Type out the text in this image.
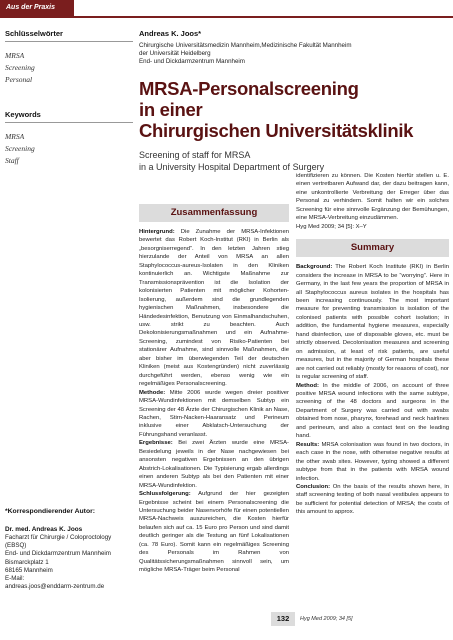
Aus der Praxis
Schlüsselwörter
MRSA
Screening
Personal
Keywords
MRSA
Screening
Staff
*Korrespondierender Autor:
Dr. med. Andreas K. Joos
Facharzt für Chirurgie / Coloproctology
(EBSQ)
End- und Dickdarmzentrum Mannheim
Bismarckplatz 1
68165 Mannheim
E-Mail:
andreas.joos@enddarm-zentrum.de
Andreas K. Joos*
Chirurgische Universitätsmedizin Mannheim,Medizinische Fakultät Mannheim
der Universität Heidelberg
End- und Dickdarmzentrum Mannheim
MRSA-Personalscreening
in einer
Chirurgischen Universitätsklinik
Screening of staff for MRSA
in a University Hospital Department of Surgery
Zusammenfassung
Hintergrund: Die Zunahme der MRSA-Infektionen bewertet das Robert Koch-Institut (RKI) in Berlin als „besorgniserregend“. In den letzten Jahren stieg hierzulande der Anteil von MRSA an allen Staphylococcus-aureus-Isolaten in den Kliniken kontinuierlich an. Wichtigste Maßnahme zur Transmissionsprävention ist die Isolation der kolonisierten Patienten mit möglicher Kohorten-Isolierung, außerdem sind die grundlegenden hygienischen Maßnahmen, insbesondere die Händedesinfektion, Benutzung von Einmalhandschuhen, usw. strikt zu beachten. Auch Dekolonisierungsmaßnahmen und ein Aufnahme-Screening, zumindest von Risiko-Patienten bei stationärer Aufnahme, sind sinnvolle Maßnahmen, die aber bisher im überwiegenden Teil der deutschen Kliniken (meist aus Kostengründen) nicht zuverlässig durchgeführt werden, ebenso wenig wie ein regelmäßiges Personalscreening.
Methode: Mitte 2006 wurde wegen dreier positiver MRSA-Wundinfektionen mit demselben Subtyp ein Screening der 48 Ärzte der Chirurgischen Klinik an Nase, Rachen, Stirn-Nacken-Haaransatz und Perineum inklusive einer Abklatsch-Untersuchung der Führungshand veranlasst.
Ergebnisse: Bei zwei Ärzten wurde eine MRSA-Besiedelung jeweils in der Nase nachgewiesen bei ansonsten negativen Ergebnissen an den übrigen Abstrich-Lokalisationen. Die Typisierung ergab allerdings einen anderen Subtyp als bei den Patienten mit einer MRSA-Wundinfektion.
Schlussfolgerung: Aufgrund der hier gezeigten Ergebnisse scheint bei einem Personalscreening die Untersuchung beider Nasenvorhöfe für einen potentiellen MRSA-Nachweis auszureichen, die Kosten hierfür belaufen sich auf ca. 15 Euro pro Person und sind damit deutlich geringer als die Testung an fünf Lokalisationen (ca. 78 Euro). Somit kann ein regelmäßiges Screening des Personals im Rahmen von Qualitätssicherungsmaßnahmen sinnvoll sein, um mögliche MRSA-Träger beim Personal
identifizieren zu können. Die Kosten hierfür stellen u. E. einen vertretbaren Aufwand dar, der dazu beitragen kann, eine unkontrollierte Verbreitung der Erreger über das Personal zu verhindern. Somit halten wir ein solches Screening für eine sinnvolle Ergänzung der Bemühungen, eine MRSA-Verbreitung einzudämmen.
Hyg Med 2009; 34 [5]: X–Y
Summary
Background: The Robert Koch Institute (RKI) in Berlin considers the increase in MRSA to be “worrying”. Here in Germany, in the last few years the proportion of MRSA in all Staphylococcus aureus isolates in the hospitals has been increasing continuously. The most important measure for preventing transmission is isolation of the colonised patients with possible cohort isolation; in addition, the fundamental hygiene measures, especially hand disinfection, use of disposable gloves, etc. must be strictly observed. Decolonisation measures and screening on admission, at least of risk patients, are useful measures, but in the majority of German hospitals these are not carried out reliably (mostly for reasons of cost), nor is regular screening of staff.
Method: In the middle of 2006, on account of three positive MRSA wound infections with the same subtype, screening of the 48 doctors and surgeons in the Department of Surgery was carried out with swabs obtained from nose, pharynx, forehead and neck hairlines and perineum, and also a contact test on the leading hand.
Results: MRSA colonisation was found in two doctors, in each case in the nose, with otherwise negative results at the other swab sites. However, typing showed a different subtype from that in the patients with MRSA wound infection.
Conclusion: On the basis of the results shown here, in staff screening testing of both nasal vestibules appears to be sufficient for potential detection of MRSA; the costs of this amount to approx.
132	Hyg Med 2009; 34 [5]
